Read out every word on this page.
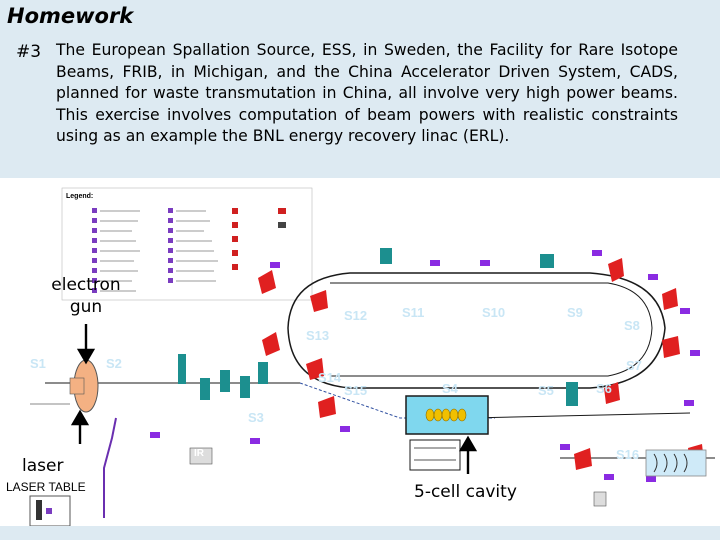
Homework
#3 The European Spallation Source, ESS, in Sweden, the Facility for Rare Isotope Beams, FRIB, in Michigan, and the China Accelerator Driven System, CADS, planned for waste transmutation in China, all involve very high power beams. This exercise involves computation of beam powers with realistic constraints using as an example the BNL energy recovery linac (ERL).
Legend:
S1	S2
S3
S4	S5	S6
S7
S8
S9
S10
S11
S12
S13
S14
S15
S16
IR
electron gun
laser
LASER TABLE	5-cell cavity
